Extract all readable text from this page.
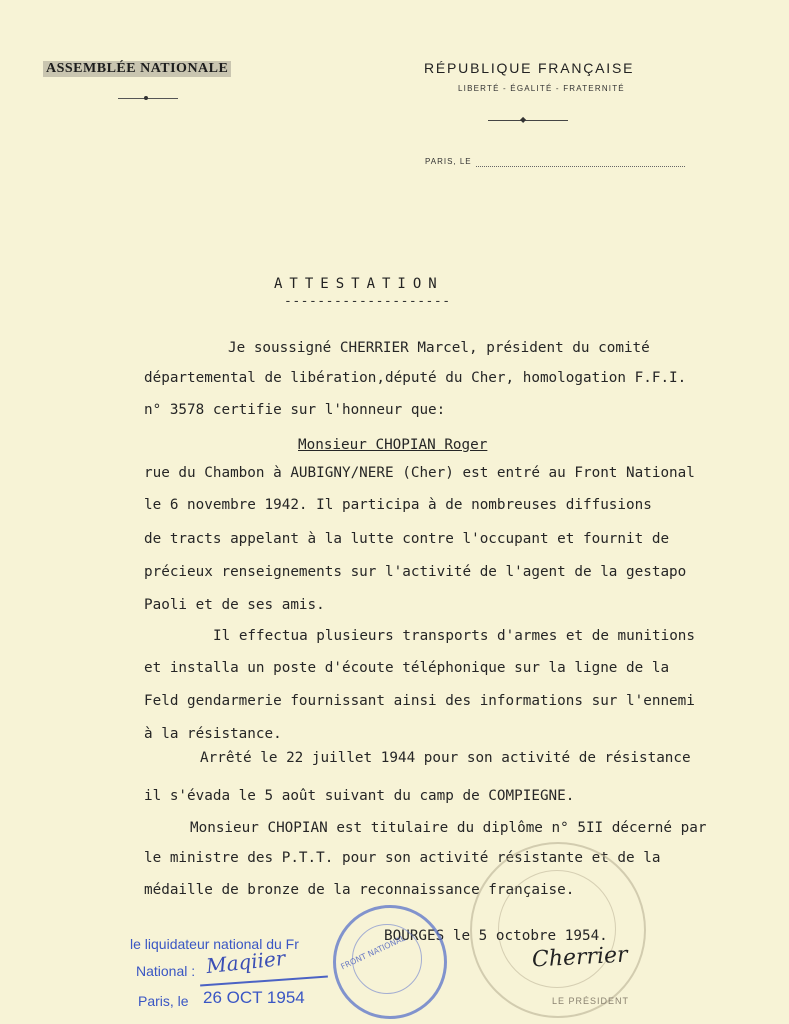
ASSEMBLÉE NATIONALE	RÉPUBLIQUE FRANÇAISE
LIBERTÉ - ÉGALITÉ - FRATERNITÉ
◆
PARIS, LE
ATTESTATION
--------------------
Je soussigné CHERRIER Marcel, président du comité
départemental de libération,député du Cher, homologation F.F.I.
n° 3578 certifie sur l'honneur que:
Monsieur CHOPIAN Roger
rue du Chambon à AUBIGNY/NERE (Cher) est entré au Front National
le 6 novembre 1942. Il participa à de nombreuses diffusions
de tracts appelant à la lutte contre l'occupant et fournit de
précieux renseignements sur l'activité de l'agent de la gestapo
Paoli et de ses amis.
Il effectua plusieurs transports d'armes et de munitions
et installa un poste d'écoute téléphonique sur la ligne de la
Feld gendarmerie fournissant ainsi des informations sur l'ennemi
à la résistance.
Arrêté le 22 juillet 1944 pour son activité de résistance
il s'évada le 5 août suivant du camp de COMPIEGNE.
Monsieur CHOPIAN est titulaire du diplôme n° 5II décerné par
le ministre des P.T.T. pour son activité résistante et de la
médaille de bronze de la reconnaissance française.
LE PRÉSIDENT
BOURGES le 5 octobre 1954.
le liquidateur national du Fr
National :
Paris, le 26 OCT 1954
Maqiier	FRONT NATIONAL	Cherrier
